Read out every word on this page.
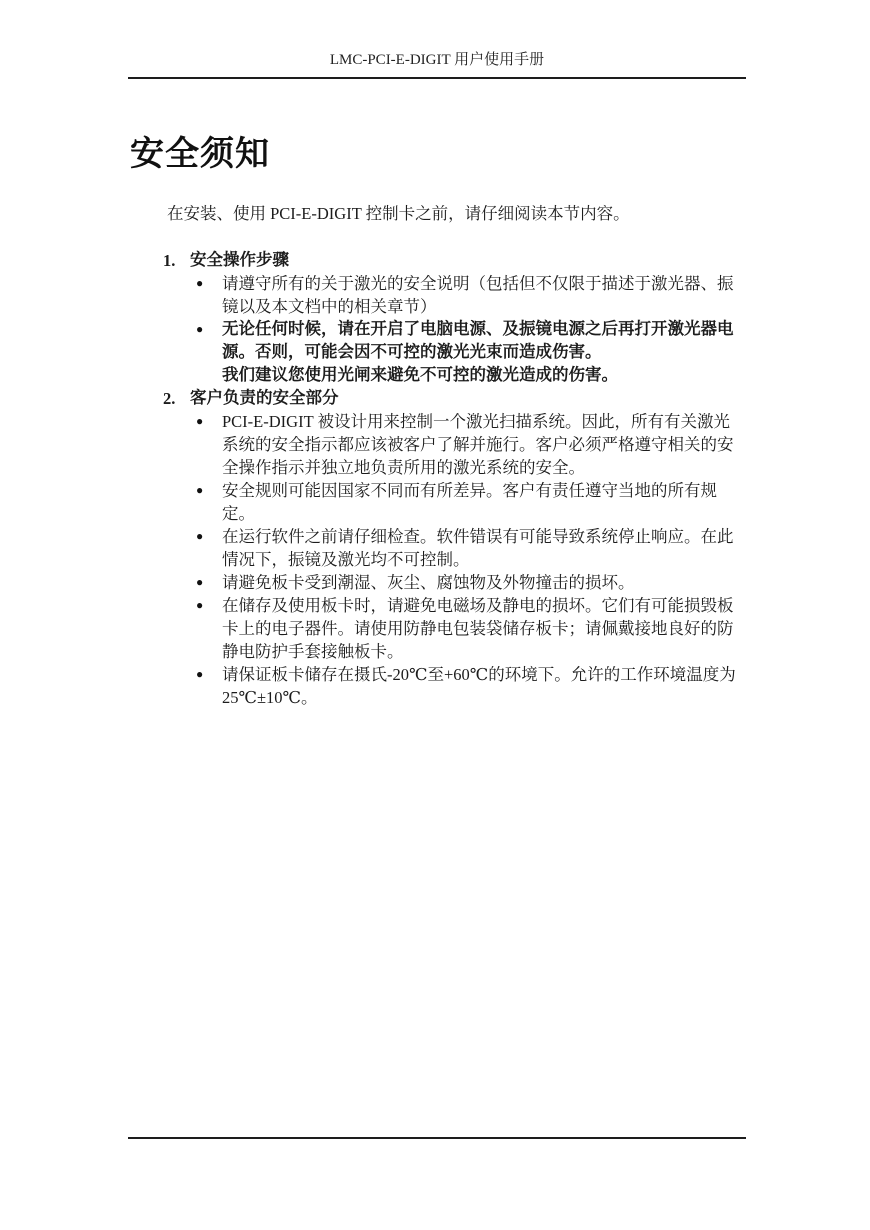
LMC-PCI-E-DIGIT 用户使用手册
安全须知

在安装、使用 PCI-E-DIGIT 控制卡之前，请仔细阅读本节内容。

1. 安全操作步骤
●	请遵守所有的关于激光的安全说明（包括但不仅限于描述于激光器、振镜以及本文档中的相关章节）
●	无论任何时候，请在开启了电脑电源、及振镜电源之后再打开激光器电源。否则，可能会因不可控的激光光束而造成伤害。
我们建议您使用光闸来避免不可控的激光造成的伤害。
2. 客户负责的安全部分
●	PCI-E-DIGIT 被设计用来控制一个激光扫描系统。因此，所有有关激光系统的安全指示都应该被客户了解并施行。客户必须严格遵守相关的安全操作指示并独立地负责所用的激光系统的安全。
●	安全规则可能因国家不同而有所差异。客户有责任遵守当地的所有规定。
●	在运行软件之前请仔细检查。软件错误有可能导致系统停止响应。在此情况下，振镜及激光均不可控制。
●	请避免板卡受到潮湿、灰尘、腐蚀物及外物撞击的损坏。
●	在储存及使用板卡时，请避免电磁场及静电的损坏。它们有可能损毁板卡上的电子器件。请使用防静电包装袋储存板卡；请佩戴接地良好的防静电防护手套接触板卡。
●	请保证板卡储存在摄氏-20℃至+60℃的环境下。允许的工作环境温度为 25℃±10℃。
